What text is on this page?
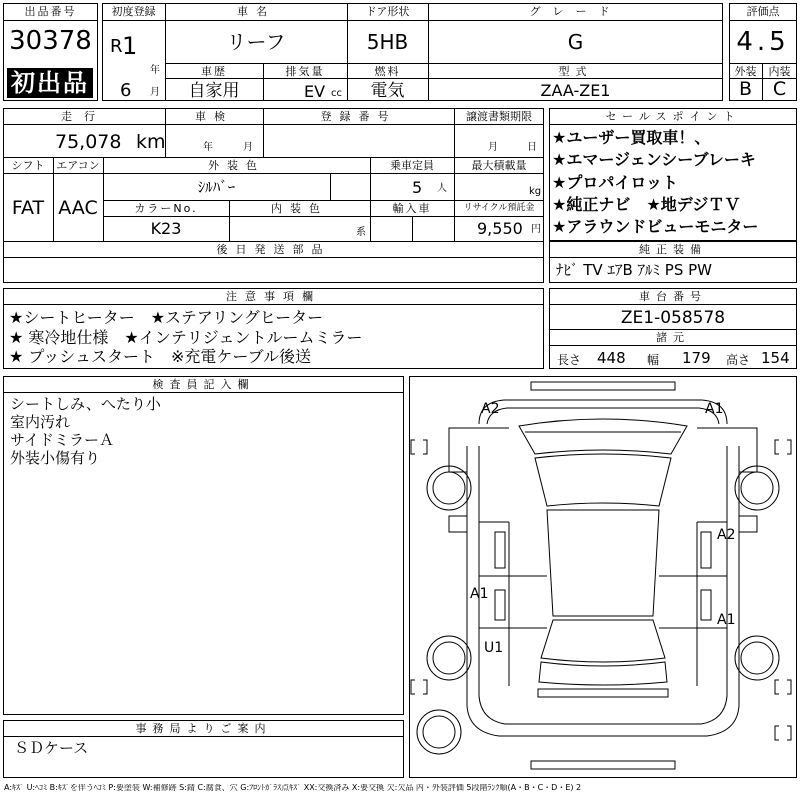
出品番号
30378
初出品
初度登録
R 1
年
6 月
車名
リーフ
ドア形状
5HB
グレード
G
車歴
自家用
排気量
EV cc
燃料
電気
型式
ZAA-ZE1
評価点
4.5
外装	内装
B	C
走行
75,078 km
車検
年	月
登録番号	譲渡書類期限
月	日
シフト
FAT
エアコン
AAC
外装色
ｼﾙﾊﾞｰ
乗車定員
5 人
最大積載量
kg
カラーNo.
K23
内装色
系
輸入車	リサイクル預託金
9,550 円
後日発送部品
セールスポイント
★ユーザー買取車！、
★エマージェンシーブレーキ
★プロパイロット
★純正ナビ　★地デジＴＶ
★アラウンドビューモニター
純正装備
ﾅﾋﾞ TV ｴｱB ｱﾙﾐ PS PW
注意事項欄
★シートヒーター　★ステアリングヒーター
★ 寒冷地仕様　★インテリジェントルームミラー
★ プッシュスタート　※充電ケーブル後送
車台番号
ZE1-058578
諸元
長さ 448 幅 179 高さ 154
検査員記入欄
シートしみ、へたり小
室内汚れ
サイドミラーＡ
外装小傷有り
事務局よりご案内
ＳＤケース
A2	A1
A2
A1
A1
U1
A:ｷｽﾞ U:ﾍｺﾐ B:ｷｽﾞを伴うﾍｺﾐ P:要塗装 W:補修跡 S:錆 C:腐食、穴 G:ﾌﾛﾝﾄｶﾞﾗｽ点ｷｽﾞ XX:交換済み X:要交換 欠:欠品 内・外装評価 5段階ﾗﾝｸ順(A・B・C・D・E) 2
